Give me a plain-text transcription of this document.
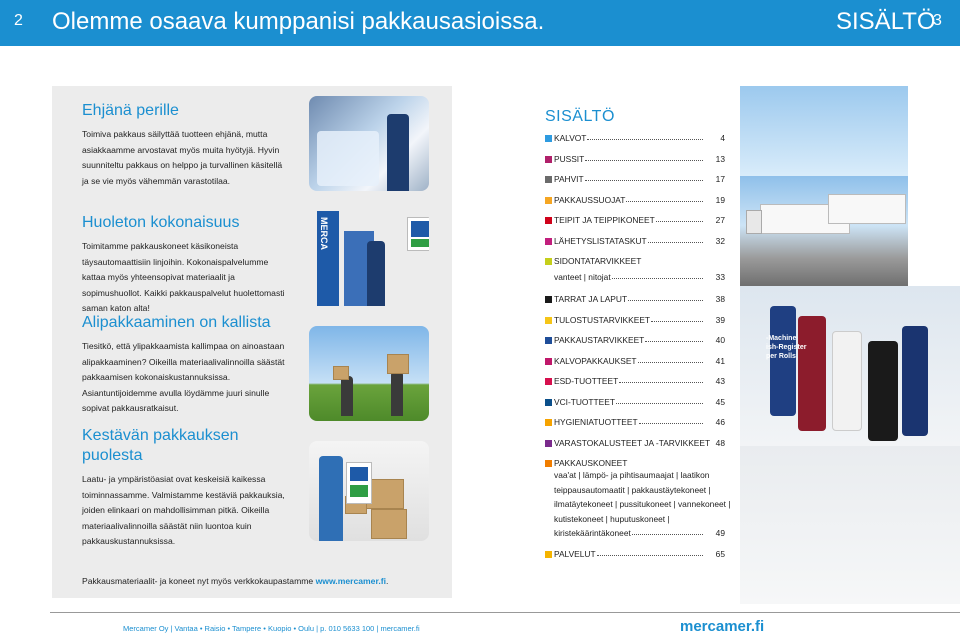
2 Olemme osaava kumppanisi pakkausasioissa.	SISÄLTÖ
3
Ehjänä perille

Toimiva pakkaus säilyttää tuotteen ehjänä, mutta asiakkaamme arvostavat myös muita hyötyjä. Hyvin suunniteltu pakkaus on helppo ja turvallinen käsitellä ja se vie myös vähemmän varastotilaa.

Huoleton kokonaisuus

Toimitamme pakkauskoneet käsikoneista täysautomaattisiin linjoihin. Kokonaispalvelumme kattaa myös yhteensopivat materiaalit ja sopimushuollot. Kaikki pakkauspalvelut huolettomasti saman katon alta!

Alipakkaaminen on kallista

Tiesitkö, että ylipakkaamista kallimpaa on ainoastaan alipakkaaminen? Oikeilla materiaalivalinnoilla säästät pakkaamisen kokonaiskustannuksissa. Asiantuntijoidemme avulla löydämme juuri sinulle sopivat pakkausratkaisut.

Kestävän pakkauksen puolesta

Laatu- ja ympäristöasiat ovat keskeisiä kaikessa toiminnassamme. Valmistamme kestäviä pakkauksia, joiden elinkaari on mahdollisimman pitkä. Oikeilla materiaalivalinnoilla säästät niin luontoa kuin pakkauskustannuksissa.

MERCA
Pakkausmateriaalit- ja koneet nyt myös verkkokaupastamme www.mercamer.fi.
SISÄLTÖ
KALVOT	4
PUSSIT	13
PAHVIT	17
PAKKAUSSUOJAT	19
TEIPIT JA TEIPPIKONEET	27
LÄHETYSLISTATASKUT	32
SIDONTATARVIKKEET
vanteet | nitojat	33
TARRAT JA LAPUT	38
TULOSTUSTARVIKKEET	39
PAKKAUSTARVIKKEET	40
KALVOPAKKAUKSET	41
ESD-TUOTTEET	43
VCI-TUOTTEET	45
HYGIENIATUOTTEET	46
VARASTOKALUSTEET JA -TARVIKKEET 48
PAKKAUSKONEET
vaa'at | lämpö- ja pihtisaumaajat | laatikon
teippausautomaatit | pakkaustäytekoneet |
ilmatäytekoneet | pussitukoneet | vannekoneet |
kutistekoneet | huputuskoneet |
kiristekäärintäkoneet	49
PALVELUT	65
-Machine
ish-Register
per Rolls
Mercamer Oy | Vantaa • Raisio • Tampere • Kuopio • Oulu | p. 010 5633 100 | mercamer.fi	mercamer.fi
